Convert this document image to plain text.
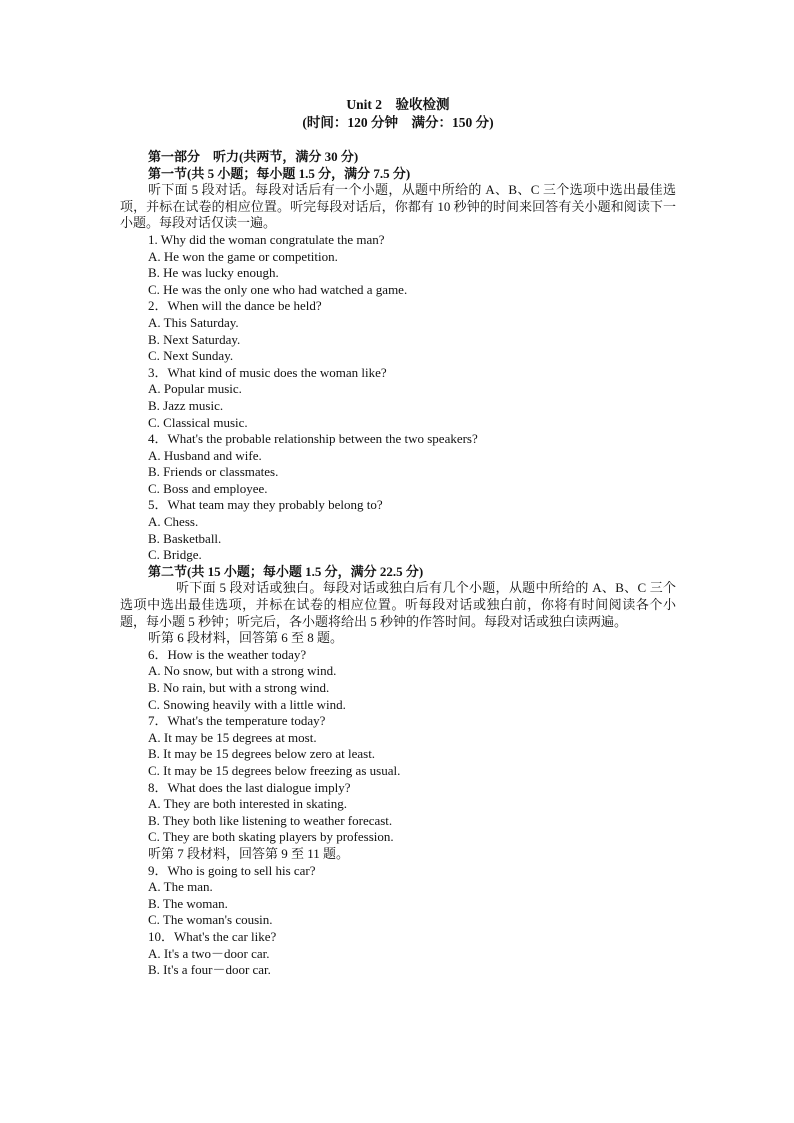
Unit 2　验收检测
(时间：120 分钟　满分：150 分)
第一部分　听力(共两节，满分 30 分)
第一节(共 5 小题；每小题 1.5 分，满分 7.5 分)
听下面 5 段对话。每段对话后有一个小题，从题中所给的 A、B、C 三个选项中选出最佳选项，并标在试卷的相应位置。听完每段对话后，你都有 10 秒钟的时间来回答有关小题和阅读下一小题。每段对话仅读一遍。
1. Why did the woman congratulate the man?
A. He won the game or competition.
B. He was lucky enough.
C. He was the only one who had watched a game.
2．When will the dance be held?
A. This Saturday.
B. Next Saturday.
C. Next Sunday.
3．What kind of music does the woman like?
A. Popular music.
B. Jazz music.
C. Classical music.
4．What's the probable relationship between the two speakers?
A. Husband and wife.
B. Friends or classmates.
C. Boss and employee.
5．What team may they probably belong to?
A. Chess.
B. Basketball.
C. Bridge.
第二节(共 15 小题；每小题 1.5 分，满分 22.5 分)
听下面 5 段对话或独白。每段对话或独白后有几个小题，从题中所给的 A、B、C 三个选项中选出最佳选项，并标在试卷的相应位置。听每段对话或独白前，你将有时间阅读各个小题，每小题 5 秒钟；听完后，各小题将给出 5 秒钟的作答时间。每段对话或独白读两遍。
听第 6 段材料，回答第 6 至 8 题。
6．How is the weather today?
A. No snow, but with a strong wind.
B. No rain, but with a strong wind.
C. Snowing heavily with a little wind.
7．What's the temperature today?
A. It may be 15 degrees at most.
B. It may be 15 degrees below zero at least.
C. It may be 15 degrees below freezing as usual.
8．What does the last dialogue imply?
A. They are both interested in skating.
B. They both like listening to weather forecast.
C. They are both skating players by profession.
听第 7 段材料，回答第 9 至 11 题。
9．Who is going to sell his car?
A. The man.
B. The woman.
C. The woman's cousin.
10．What's the car like?
A. It's a two－door car.
B. It's a four－door car.
